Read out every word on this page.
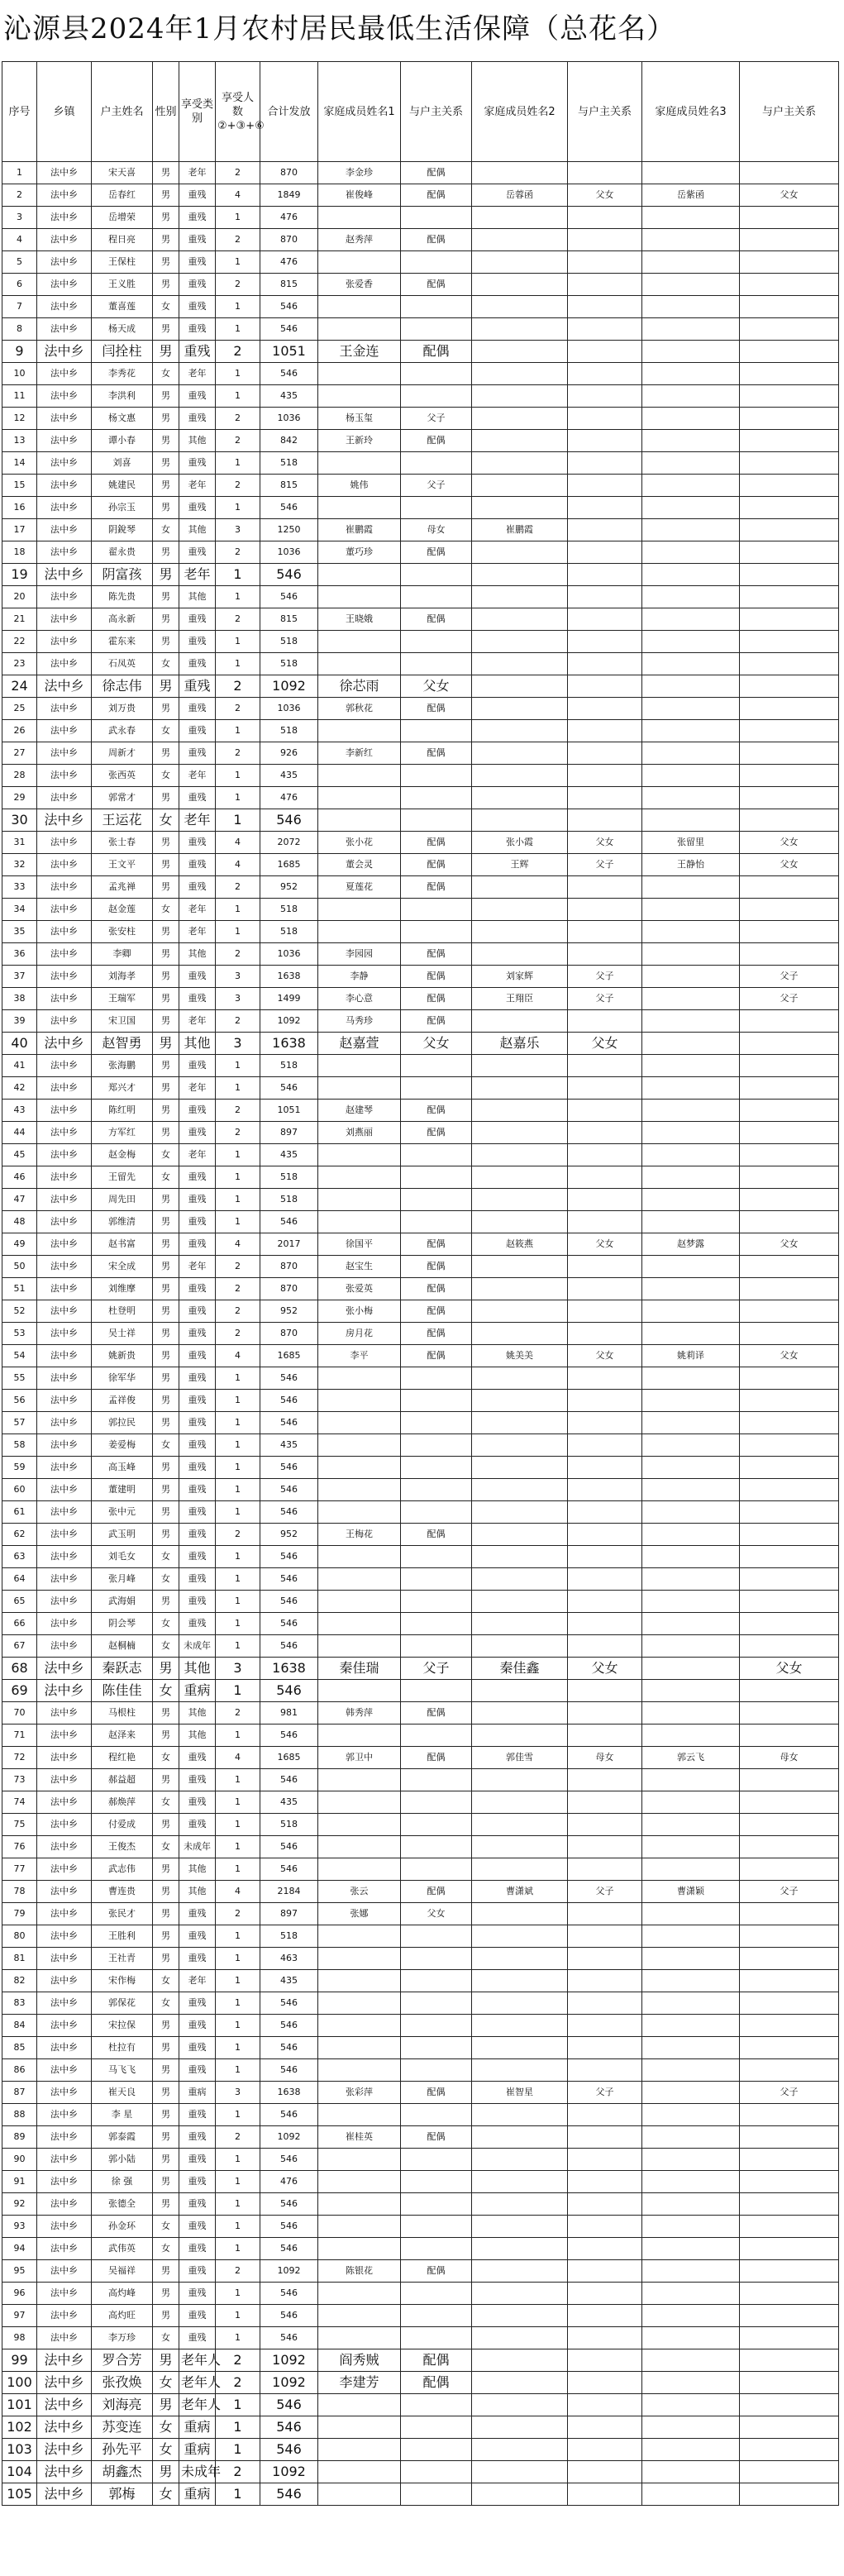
沁源县2024年1月农村居民最低生活保障（总花名）
序号	乡镇	户主姓名	性别	享受类别	享受人数②+③+⑥	合计发放	家庭成员姓名1	与户主关系	家庭成员姓名2	与户主关系	家庭成员姓名3	与户主关系
1	法中乡	宋天喜	男	老年	2	870	李金珍	配偶				
2	法中乡	岳春红	男	重残	4	1849	崔俊峰	配偶	岳蓉函	父女	岳紫函	父女
3	法中乡	岳增荣	男	重残	1	476						
4	法中乡	程日亮	男	重残	2	870	赵秀萍	配偶				
5	法中乡	王保柱	男	重残	1	476						
6	法中乡	王义胜	男	重残	2	815	张爱香	配偶				
7	法中乡	董喜莲	女	重残	1	546						
8	法中乡	杨天成	男	重残	1	546						
9	法中乡	闫拴柱	男	重残	2	1051	王金连	配偶				
10	法中乡	李秀花	女	老年	1	546						
11	法中乡	李洪利	男	重残	1	435						
12	法中乡	杨文惠	男	重残	2	1036	杨玉玺	父子				
13	法中乡	谭小春	男	其他	2	842	王新玲	配偶				
14	法中乡	刘喜	男	重残	1	518						
15	法中乡	姚建民	男	老年	2	815	姚伟	父子				
16	法中乡	孙宗玉	男	重残	1	546						
17	法中乡	阴銳琴	女	其他	3	1250	崔鹏霞	母女	崔鹏霞			
18	法中乡	翟永贵	男	重残	2	1036	董巧珍	配偶				
19	法中乡	阴富孩	男	老年	1	546						
20	法中乡	陈先贵	男	其他	1	546						
21	法中乡	高永新	男	重残	2	815	王晓娥	配偶				
22	法中乡	霍东来	男	重残	1	518						
23	法中乡	石凤英	女	重残	1	518						
24	法中乡	徐志伟	男	重残	2	1092	徐芯雨	父女				
25	法中乡	刘万贵	男	重残	2	1036	郭秋花	配偶				
26	法中乡	武永春	女	重残	1	518						
27	法中乡	周新才	男	重残	2	926	李新红	配偶				
28	法中乡	张西英	女	老年	1	435						
29	法中乡	郭常才	男	重残	1	476						
30	法中乡	王运花	女	老年	1	546						
31	法中乡	张士春	男	重残	4	2072	张小花	配偶	张小霞	父女	张留里	父女
32	法中乡	王文平	男	重残	4	1685	董会灵	配偶	王辉	父子	王静怡	父女
33	法中乡	孟兆禅	男	重残	2	952	夏莲花	配偶				
34	法中乡	赵金莲	女	老年	1	518						
35	法中乡	张安柱	男	老年	1	518						
36	法中乡	李卿	男	其他	2	1036	李园园	配偶				
37	法中乡	刘海孝	男	重残	3	1638	李静	配偶	刘家辉	父子		父子
38	法中乡	王瑞军	男	重残	3	1499	李心意	配偶	王翔臣	父子		父子
39	法中乡	宋卫国	男	老年	2	1092	马秀珍	配偶				
40	法中乡	赵智勇	男	其他	3	1638	赵嘉萱	父女	赵嘉乐	父女		
41	法中乡	张海鹏	男	重残	1	518						
42	法中乡	郑兴才	男	老年	1	546						
43	法中乡	陈红明	男	重残	2	1051	赵建琴	配偶				
44	法中乡	方军红	男	重残	2	897	刘燕丽	配偶				
45	法中乡	赵金梅	女	老年	1	435						
46	法中乡	王留先	女	重残	1	518						
47	法中乡	周先田	男	重残	1	518						
48	法中乡	郭维清	男	重残	1	546						
49	法中乡	赵书富	男	重残	4	2017	徐国平	配偶	赵筱燕	父女	赵梦露	父女
50	法中乡	宋全成	男	老年	2	870	赵宝生	配偶				
51	法中乡	刘维摩	男	重残	2	870	张爱英	配偶				
52	法中乡	杜登明	男	重残	2	952	张小梅	配偶				
53	法中乡	吴士祥	男	重残	2	870	房月花	配偶				
54	法中乡	姚新贵	男	重残	4	1685	李平	配偶	姚美美	父女	姚莉译	父女
55	法中乡	徐军华	男	重残	1	546						
56	法中乡	孟祥俊	男	重残	1	546						
57	法中乡	郭拉民	男	重残	1	546						
58	法中乡	姜爱梅	女	重残	1	435						
59	法中乡	高玉峰	男	重残	1	546						
60	法中乡	董建明	男	重残	1	546						
61	法中乡	张中元	男	重残	1	546						
62	法中乡	武玉明	男	重残	2	952	王梅花	配偶				
63	法中乡	刘毛女	女	重残	1	546						
64	法中乡	张月峰	女	重残	1	546						
65	法中乡	武海娟	男	重残	1	546						
66	法中乡	阴会琴	女	重残	1	546						
67	法中乡	赵桐楠	女	未成年	1	546						
68	法中乡	秦跃志	男	其他	3	1638	秦佳瑞	父子	秦佳鑫	父女		父女
69	法中乡	陈佳佳	女	重病	1	546						
70	法中乡	马根柱	男	其他	2	981	韩秀萍	配偶				
71	法中乡	赵泽来	男	其他	1	546						
72	法中乡	程红艳	女	重残	4	1685	郭卫中	配偶	郭佳雪	母女	郭云飞	母女
73	法中乡	郝益超	男	重残	1	546						
74	法中乡	郝焕萍	女	重残	1	435						
75	法中乡	付爱成	男	重残	1	518						
76	法中乡	王俊杰	女	未成年	1	546						
77	法中乡	武志伟	男	其他	1	546						
78	法中乡	曹连贵	男	其他	4	2184	张云	配偶	曹潇斌	父子	曹潇颖	父子
79	法中乡	张民才	男	重残	2	897	张娜	父女				
80	法中乡	王胜利	男	重残	1	518						
81	法中乡	王社青	男	重残	1	463						
82	法中乡	宋作梅	女	老年	1	435						
83	法中乡	郭保花	女	重残	1	546						
84	法中乡	宋拉保	男	重残	1	546						
85	法中乡	杜拉有	男	重残	1	546						
86	法中乡	马飞飞	男	重残	1	546						
87	法中乡	崔天良	男	重病	3	1638	张彩萍	配偶	崔智星	父子		父子
88	法中乡	李 星	男	重残	1	546						
89	法中乡	郭泰霞	男	重残	2	1092	崔桂英	配偶				
90	法中乡	郭小陆	男	重残	1	546						
91	法中乡	徐 强	男	重残	1	476						
92	法中乡	张德全	男	重残	1	546						
93	法中乡	孙金环	女	重残	1	546						
94	法中乡	武伟英	女	重残	1	546						
95	法中乡	吴福祥	男	重残	2	1092	陈银花	配偶				
96	法中乡	高灼峰	男	重残	1	546						
97	法中乡	高灼旺	男	重残	1	546						
98	法中乡	李万珍	女	重残	1	546						
99	法中乡	罗合芳	男	老年人	2	1092	阎秀贼	配偶				
100	法中乡	张孜焕	女	老年人	2	1092	李建芳	配偶				
101	法中乡	刘海亮	男	老年人	1	546						
102	法中乡	苏变连	女	重病	1	546						
103	法中乡	孙先平	女	重病	1	546						
104	法中乡	胡鑫杰	男	未成年	2	1092						
105	法中乡	郭梅	女	重病	1	546						
